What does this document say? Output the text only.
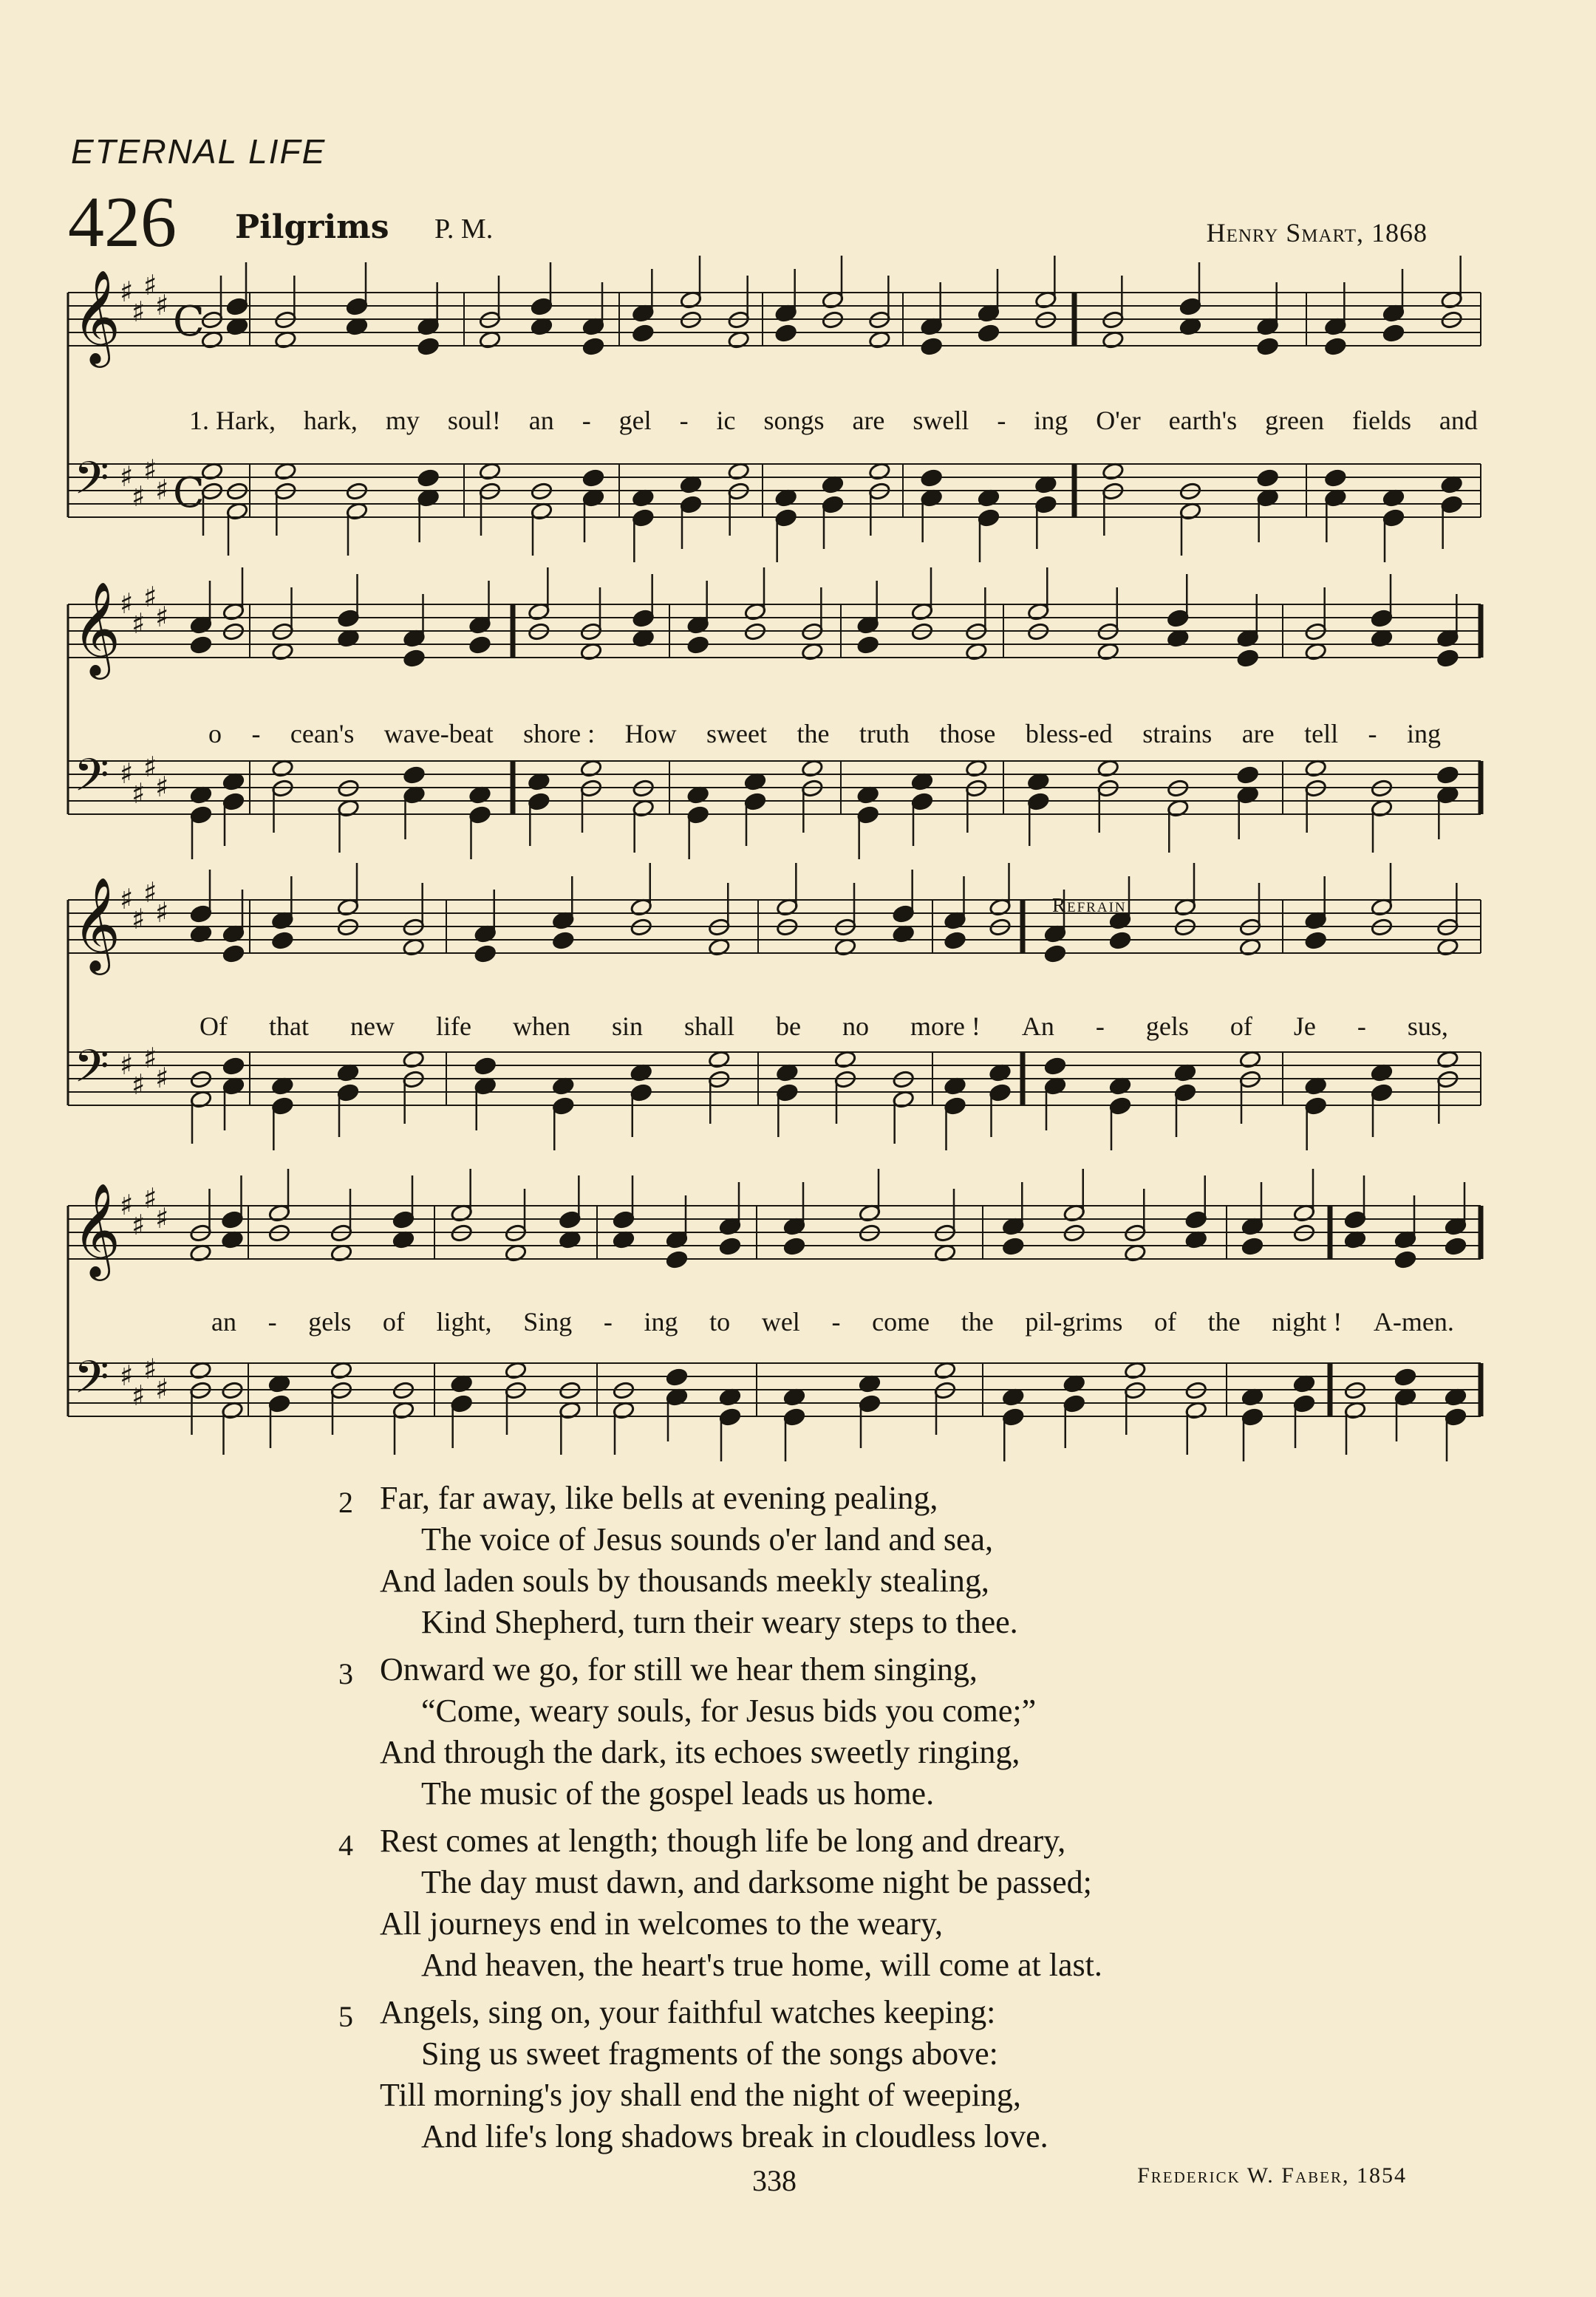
ETERNAL LIFE
426 Pilgrims P. M.	Henry Smart, 1868
𝄞
♯
♯
♯
♯ C
𝄢 ♯
♯
♯
♯ C
𝄞
♯
♯
♯
♯
𝄢 ♯
♯
♯
♯
𝄞
♯
♯
♯
♯
𝄢 ♯
♯
♯
♯
𝄞
♯
♯
♯
♯
𝄢 ♯
♯
♯
♯
Refrain
1. Hark, hark, my soul! an - gel - ic songs are swell - ing O'er earth's green fields and
o - cean's wave-beat shore : How sweet the truth those bless-ed strains are tell - ing
Of that new life when sin shall be no more ! An - gels of Je - sus,
an - gels of light, Sing - ing to wel - come the pil-grims of the night ! A-men.
2 Far, far away, like bells at evening pealing,
The voice of Jesus sounds o'er land and sea,
And laden souls by thousands meekly stealing,
Kind Shepherd, turn their weary steps to thee.
3 Onward we go, for still we hear them singing,
“Come, weary souls, for Jesus bids you come;”
And through the dark, its echoes sweetly ringing,
The music of the gospel leads us home.
4 Rest comes at length; though life be long and dreary,
The day must dawn, and darksome night be passed;
All journeys end in welcomes to the weary,
And heaven, the heart's true home, will come at last.
5 Angels, sing on, your faithful watches keeping:
Sing us sweet fragments of the songs above:
Till morning's joy shall end the night of weeping,
And life's long shadows break in cloudless love.
338	Frederick W. Faber, 1854
